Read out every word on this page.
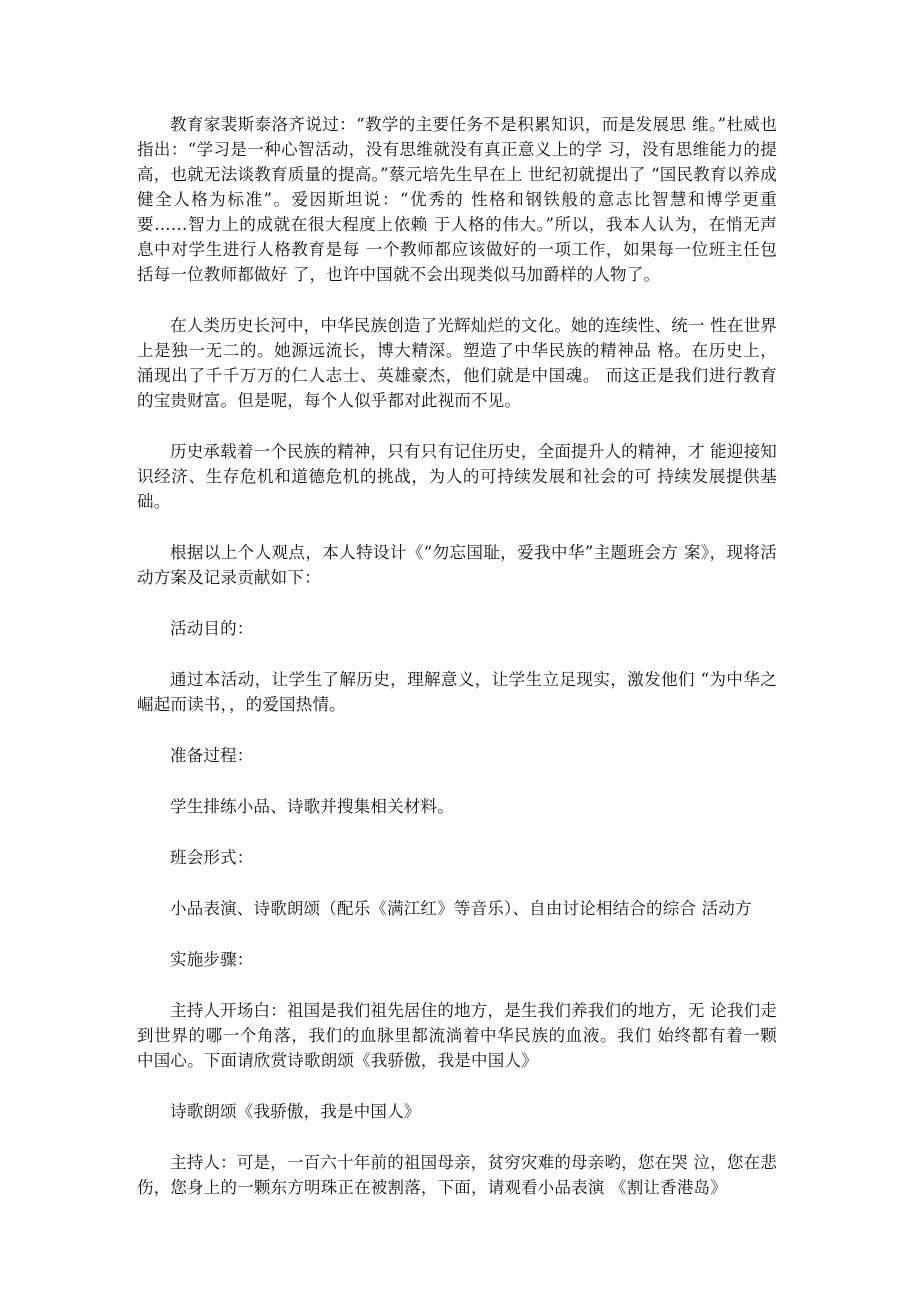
教育家裴斯泰洛齐说过：“教学的主要任务不是积累知识，而是发展思 维。”杜威也指出：“学习是一种心智活动，没有思维就没有真正意义上的学 习，没有思维能力的提高，也就无法谈教育质量的提高。”蔡元培先生早在上 世纪初就提出了 “国民教育以养成健全人格为标准”。爱因斯坦说：“优秀的 性格和钢铁般的意志比智慧和博学更重要……智力上的成就在很大程度上依赖 于人格的伟大。”所以，我本人认为，在悄无声息中对学生进行人格教育是每 一个教师都应该做好的一项工作，如果每一位班主任包括每一位教师都做好 了，也许中国就不会出现类似马加爵样的人物了。

在人类历史长河中，中华民族创造了光辉灿烂的文化。她的连续性、统一 性在世界上是独一无二的。她源远流长，博大精深。塑造了中华民族的精神品 格。在历史上，涌现出了千千万万的仁人志士、英雄豪杰，他们就是中国魂。 而这正是我们进行教育的宝贵财富。但是呢，每个人似乎都对此视而不见。

历史承载着一个民族的精神，只有只有记住历史，全面提升人的精神，才 能迎接知识经济、生存危机和道德危机的挑战，为人的可持续发展和社会的可 持续发展提供基础。

根据以上个人观点，本人特设计《“勿忘国耻，爱我中华”主题班会方 案》，现将活动方案及记录贡献如下：

活动目的：

通过本活动，让学生了解历史，理解意义，让学生立足现实，激发他们 “为中华之崛起而读书，，的爱国热情。

准备过程：

学生排练小品、诗歌并搜集相关材料。

班会形式：

小品表演、诗歌朗颂（配乐《满江红》等音乐）、自由讨论相结合的综合 活动方

实施步骤：

主持人开场白：祖国是我们祖先居住的地方，是生我们养我们的地方，无 论我们走到世界的哪一个角落，我们的血脉里都流淌着中华民族的血液。我们 始终都有着一颗中国心。下面请欣赏诗歌朗颂《我骄傲，我是中国人》

诗歌朗颂《我骄傲，我是中国人》

主持人：可是，一百六十年前的祖国母亲，贫穷灾难的母亲哟，您在哭 泣，您在悲伤，您身上的一颗东方明珠正在被割落，下面，请观看小品表演 《割让香港岛》
